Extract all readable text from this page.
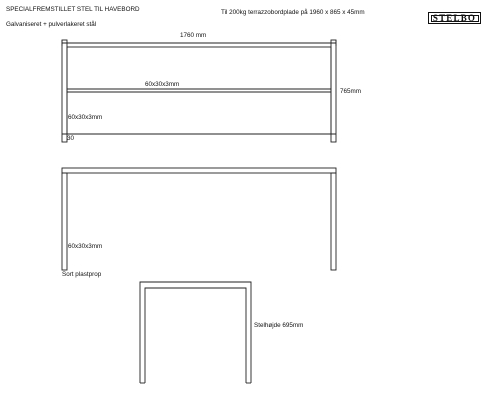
SPECIALFREMSTILLET STEL TIL HAVEBORD
Galvaniseret + pulverlakeret stål
Til 200kg terrazzobordplade på 1960 x 865 x 45mm	STELBO
1760 mm
765mm
60x30x3mm
60x30x3mm
30
60x30x3mm
Sort plastprop
Stelhøjde 695mm
